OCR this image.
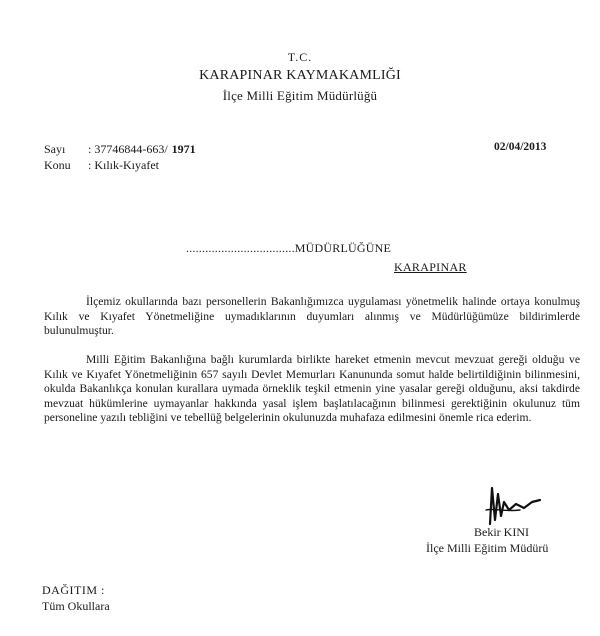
T.C.
KARAPINAR KAYMAKAMLIĞI
İlçe Milli Eğitim Müdürlüğü
Sayı : 37746844-663/ 1971
Konu : Kılık-Kıyafet
02/04/2013
..................................MÜDÜRLÜĞÜNE
KARAPINAR

İlçemiz okullarında bazı personellerin Bakanlığımızca uygulaması yönetmelik halinde ortaya konulmuş Kılık ve Kıyafet Yönetmeliğine uymadıklarının duyumları alınmış ve Müdürlüğümüze bildirimlerde bulunulmuştur.

Milli Eğitim Bakanlığına bağlı kurumlarda birlikte hareket etmenin mevcut mevzuat gereği olduğu ve Kılık ve Kıyafet Yönetmeliğinin 657 sayılı Devlet Memurları Kanununda somut halde belirtildiğinin bilinmesini, okulda Bakanlıkça konulan kurallara uymada örneklik teşkil etmenin yine yasalar gereği olduğunu, aksi takdirde mevzuat hükümlerine uymayanlar hakkında yasal işlem başlatılacağının bilinmesi gerektiğinin okulunuz tüm personeline yazılı tebliğini ve tebellüğ belgelerinin okulunuzda muhafaza edilmesini önemle rica ederim.

Bekir KINI
İlçe Milli Eğitim Müdürü
DAĞITIM :
Tüm Okullara
